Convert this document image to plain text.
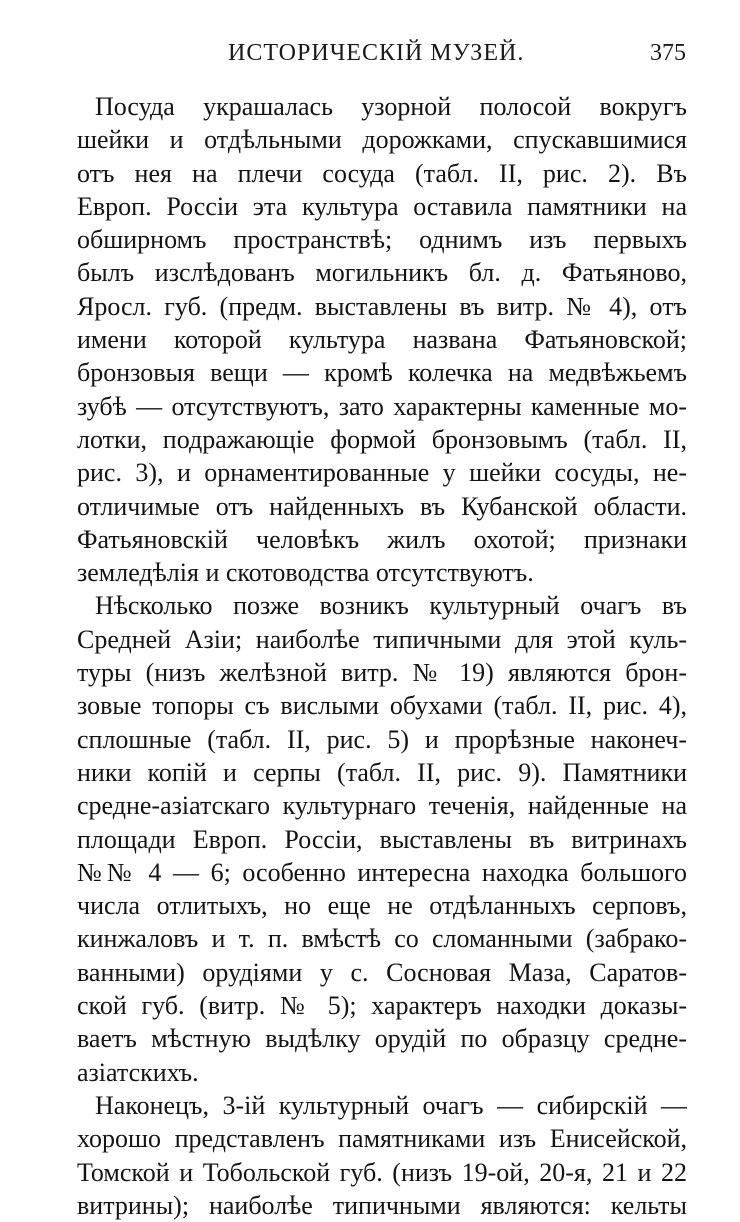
ИСТОРИЧЕСКІЙ МУЗЕЙ.	375
Посуда украшалась узорной полосой вокругъ
шейки и отдѣльными дорожками, спускавшимися
отъ нея на плечи сосуда (табл. II, рис. 2). Въ
Европ. Россіи эта культура оставила памятники на
обширномъ пространствѣ; однимъ изъ первыхъ
былъ изслѣдованъ могильникъ бл. д. Фатьяново,
Яросл. губ. (предм. выставлены въ витр. № 4), отъ
имени которой культура названа Фатьяновской;
бронзовыя вещи — кромѣ колечка на медвѣжьемъ
зубѣ — отсутствуютъ, зато характерны каменные мо-
лотки, подражающіе формой бронзовымъ (табл. II,
рис. 3), и орнаментированные у шейки сосуды, не-
отличимые отъ найденныхъ въ Кубанской области.
Фатьяновскій человѣкъ жилъ охотой; признаки
земледѣлія и скотоводства отсутствуютъ.
Нѣсколько позже возникъ культурный очагъ въ
Средней Азіи; наиболѣе типичными для этой куль-
туры (низъ желѣзной витр. № 19) являются брон-
зовые топоры съ вислыми обухами (табл. II, рис. 4),
сплошные (табл. II, рис. 5) и прорѣзные наконеч-
ники копій и серпы (табл. II, рис. 9). Памятники
средне-азіатскаго культурнаго теченія, найденные на
площади Европ. Россіи, выставлены въ витринахъ
№№ 4 — 6; особенно интересна находка большого
числа отлитыхъ, но еще не отдѣланныхъ серповъ,
кинжаловъ и т. п. вмѣстѣ со сломанными (забрако-
ванными) орудіями у с. Сосновая Маза, Саратов-
ской губ. (витр. № 5); характеръ находки доказы-
ваетъ мѣстную выдѣлку орудій по образцу средне-
азіатскихъ.
Наконецъ, 3-ій культурный очагъ — сибирскій —
хорошо представленъ памятниками изъ Енисейской,
Томской и Тобольской губ. (низъ 19-ой, 20-я, 21 и 22
витрины); наиболѣе типичными являются: кельты
